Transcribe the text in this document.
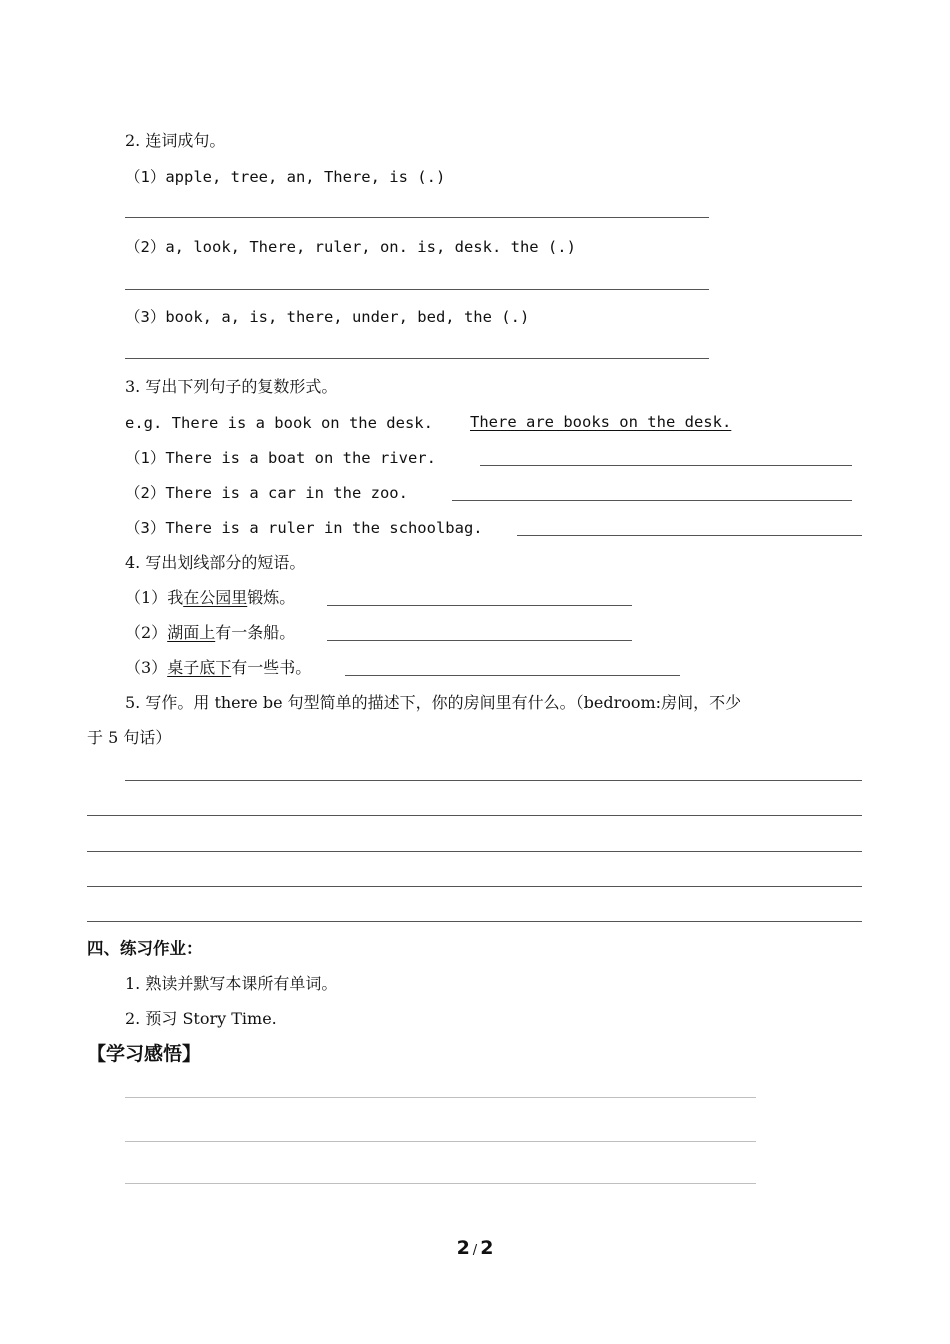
2. 连词成句。
（1）apple, tree, an, There, is (.)
（2）a, look, There, ruler, on. is, desk. the (.)
（3）book, a, is, there, under, bed, the (.)
3. 写出下列句子的复数形式。
e.g. There is a book on the desk. There are books on the desk.
（1）There is a boat on the river.
（2）There is a car in the zoo.
（3）There is a ruler in the schoolbag.
4. 写出划线部分的短语。
（1）我在公园里锻炼。
（2）湖面上有一条船。
（3）桌子底下有一些书。
5. 写作。用 there be 句型简单的描述下，你的房间里有什么。（bedroom:房间，不少
于 5 句话）
四、练习作业：
1. 熟读并默写本课所有单词。
2. 预习 Story Time.
【学习感悟】
2 / 2
